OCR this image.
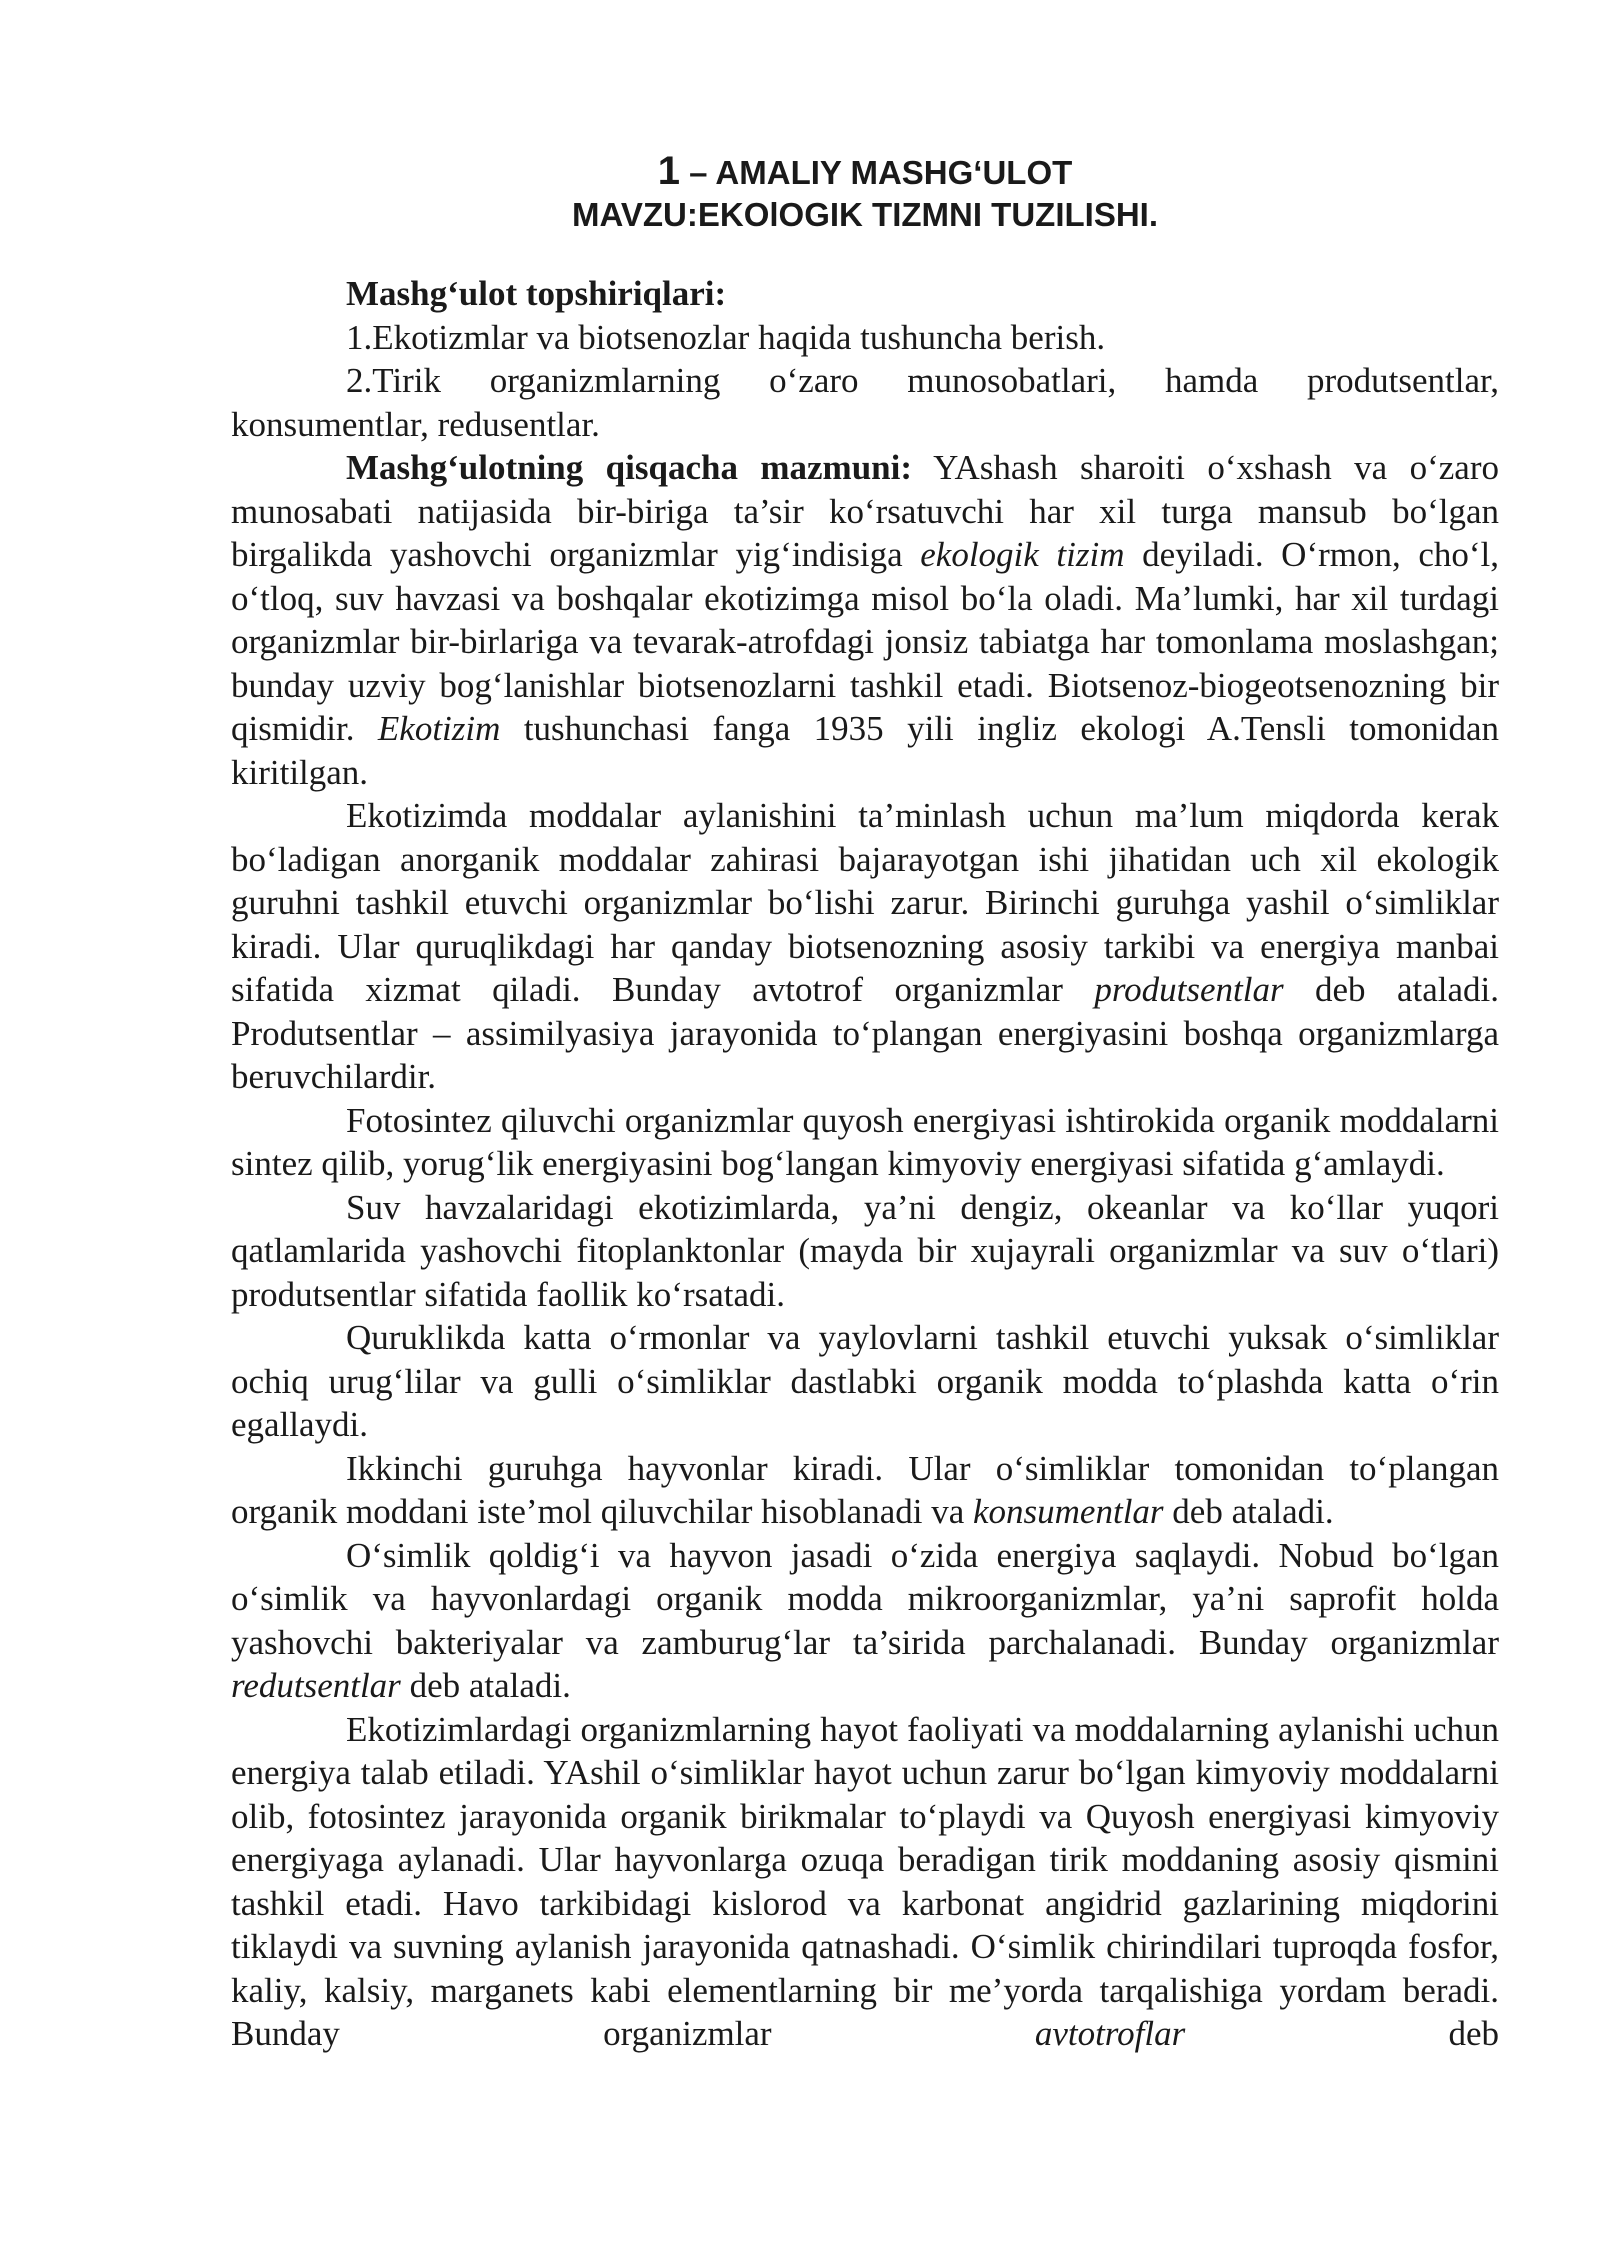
1 – AMALIY MASHG‘ULOT

MAVZU:EKOlOGIK TIZMNI TUZILISHI.

Mashg‘ulot topshiriqlari:

1.Ekotizmlar va biotsenozlar haqida tushuncha berish.

2.Tirik organizmlarning o‘zaro munosobatlari, hamda produtsentlar, konsumentlar, redusentlar.

Mashg‘ulotning qisqacha mazmuni: YAshash sharoiti o‘xshash va o‘zaro munosabati natijasida bir-biriga ta’sir ko‘rsatuvchi har xil turga mansub bo‘lgan birgalikda yashovchi organizmlar yig‘indisiga ekologik tizim deyiladi. O‘rmon, cho‘l, o‘tloq, suv havzasi va boshqalar ekotizimga misol bo‘la oladi. Ma’lumki, har xil turdagi organizmlar bir-birlariga va tevarak-atrofdagi jonsiz tabiatga har tomonlama moslashgan; bunday uzviy bog‘lanishlar biotsenozlarni tashkil etadi. Biotsenoz-biogeotsenozning bir qismidir. Ekotizim tushunchasi fanga 1935 yili ingliz ekologi A.Tensli tomonidan kiritilgan.

Ekotizimda moddalar aylanishini ta’minlash uchun ma’lum miqdorda kerak bo‘ladigan anorganik moddalar zahirasi bajarayotgan ishi jihatidan uch xil ekologik guruhni tashkil etuvchi organizmlar bo‘lishi zarur. Birinchi guruhga yashil o‘simliklar kiradi. Ular quruqlikdagi har qanday biotsenozning asosiy tarkibi va energiya manbai sifatida xizmat qiladi. Bunday avtotrof organizmlar produtsentlar deb ataladi. Produtsentlar – assimilyasiya jarayonida to‘plangan energiyasini boshqa organizmlarga beruvchilardir.

Fotosintez qiluvchi organizmlar quyosh energiyasi ishtirokida organik moddalarni sintez qilib, yorug‘lik energiyasini bog‘langan kimyoviy energiyasi sifatida g‘amlaydi.

Suv havzalaridagi ekotizimlarda, ya’ni dengiz, okeanlar va ko‘llar yuqori qatlamlarida yashovchi fitoplanktonlar (mayda bir xujayrali organizmlar va suv o‘tlari) produtsentlar sifatida faollik ko‘rsatadi.

Quruklikda katta o‘rmonlar va yaylovlarni tashkil etuvchi yuksak o‘simliklar ochiq urug‘lilar va gulli o‘simliklar dastlabki organik modda to‘plashda katta o‘rin egallaydi.

Ikkinchi guruhga hayvonlar kiradi. Ular o‘simliklar tomonidan to‘plangan organik moddani iste’mol qiluvchilar hisoblanadi va konsumentlar deb ataladi.

O‘simlik qoldig‘i va hayvon jasadi o‘zida energiya saqlaydi. Nobud bo‘lgan o‘simlik va hayvonlardagi organik modda mikroorganizmlar, ya’ni saprofit holda yashovchi bakteriyalar va zamburug‘lar ta’sirida parchalanadi. Bunday organizmlar redutsentlar deb ataladi.

Ekotizimlardagi organizmlarning hayot faoliyati va moddalarning aylanishi uchun energiya talab etiladi. YAshil o‘simliklar hayot uchun zarur bo‘lgan kimyoviy moddalarni olib, fotosintez jarayonida organik birikmalar to‘playdi va Quyosh energiyasi kimyoviy energiyaga aylanadi. Ular hayvonlarga ozuqa beradigan tirik moddaning asosiy qismini tashkil etadi. Havo tarkibidagi kislorod va karbonat angidrid gazlarining miqdorini tiklaydi va suvning aylanish jarayonida qatnashadi. O‘simlik chirindilari tuproqda fosfor, kaliy, kalsiy, marganets kabi elementlarning bir me’yorda tarqalishiga yordam beradi. Bunday organizmlar avtotroflar deb
